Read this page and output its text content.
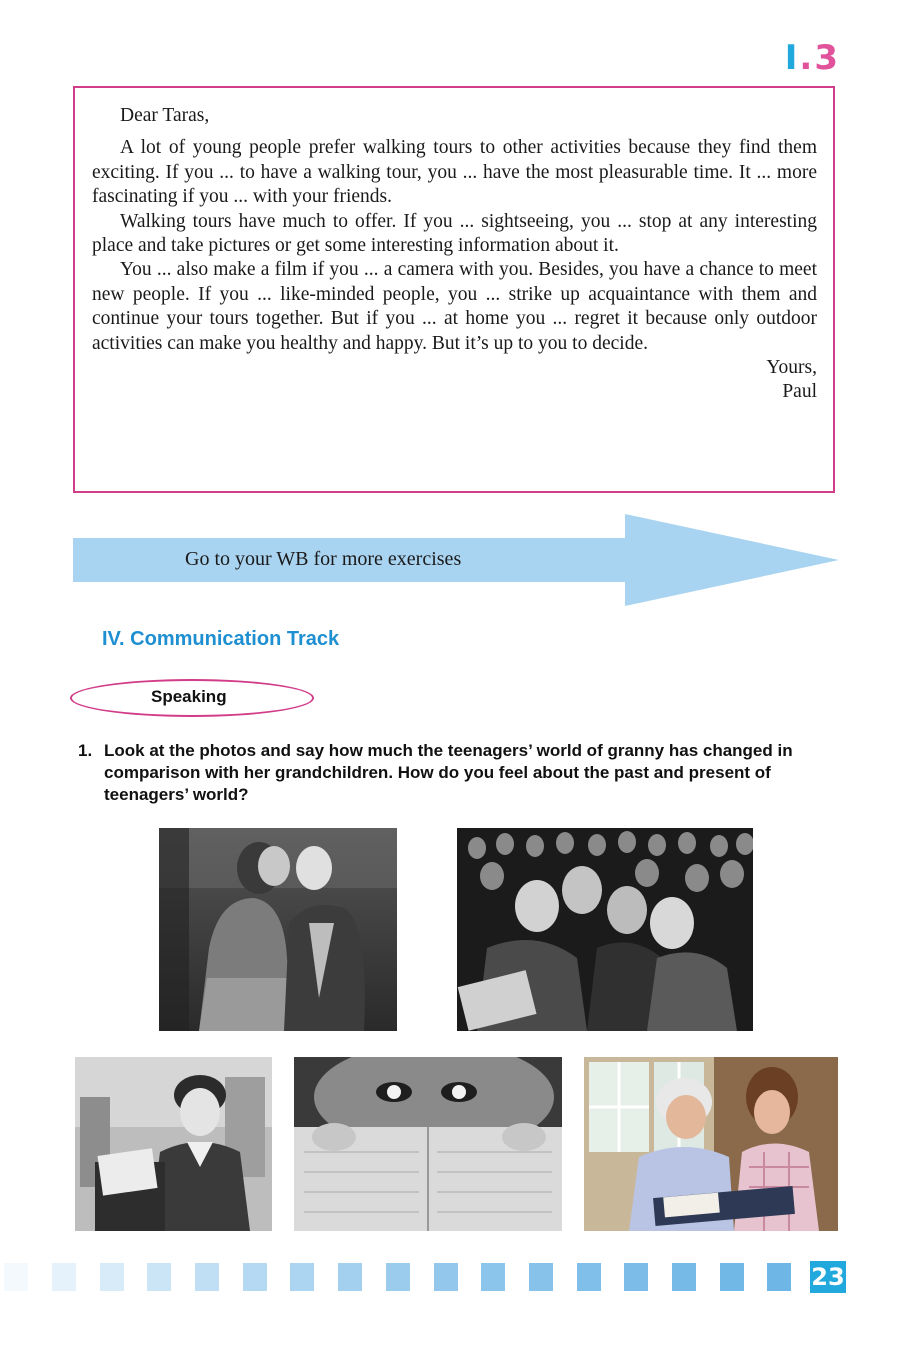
I.3

Dear Taras,

A lot of young people prefer walking tours to other activities because they find them exciting. If you ... to have a walking tour, you ... have the most pleasurable time. It ... more fascinating if you ... with your friends.

Walking tours have much to offer. If you ... sightseeing, you ... stop at any interesting place and take pictures or get some interesting information about it.

You ... also make a film if you ... a camera with you. Besides, you have a chance to meet new people. If you ... like-minded people, you ... strike up acquaintance with them and continue your tours together. But if you ... at home you ... regret it because only outdoor activities can make you healthy and happy. But it’s up to you to decide.

Yours,

Paul

Go to your WB for more exercises
IV. Communication Track
Speaking
1. Look at the photos and say how much the teenagers’ world of granny has changed in comparison with her grandchildren. How do you feel about the past and present of teenagers’ world?
23
